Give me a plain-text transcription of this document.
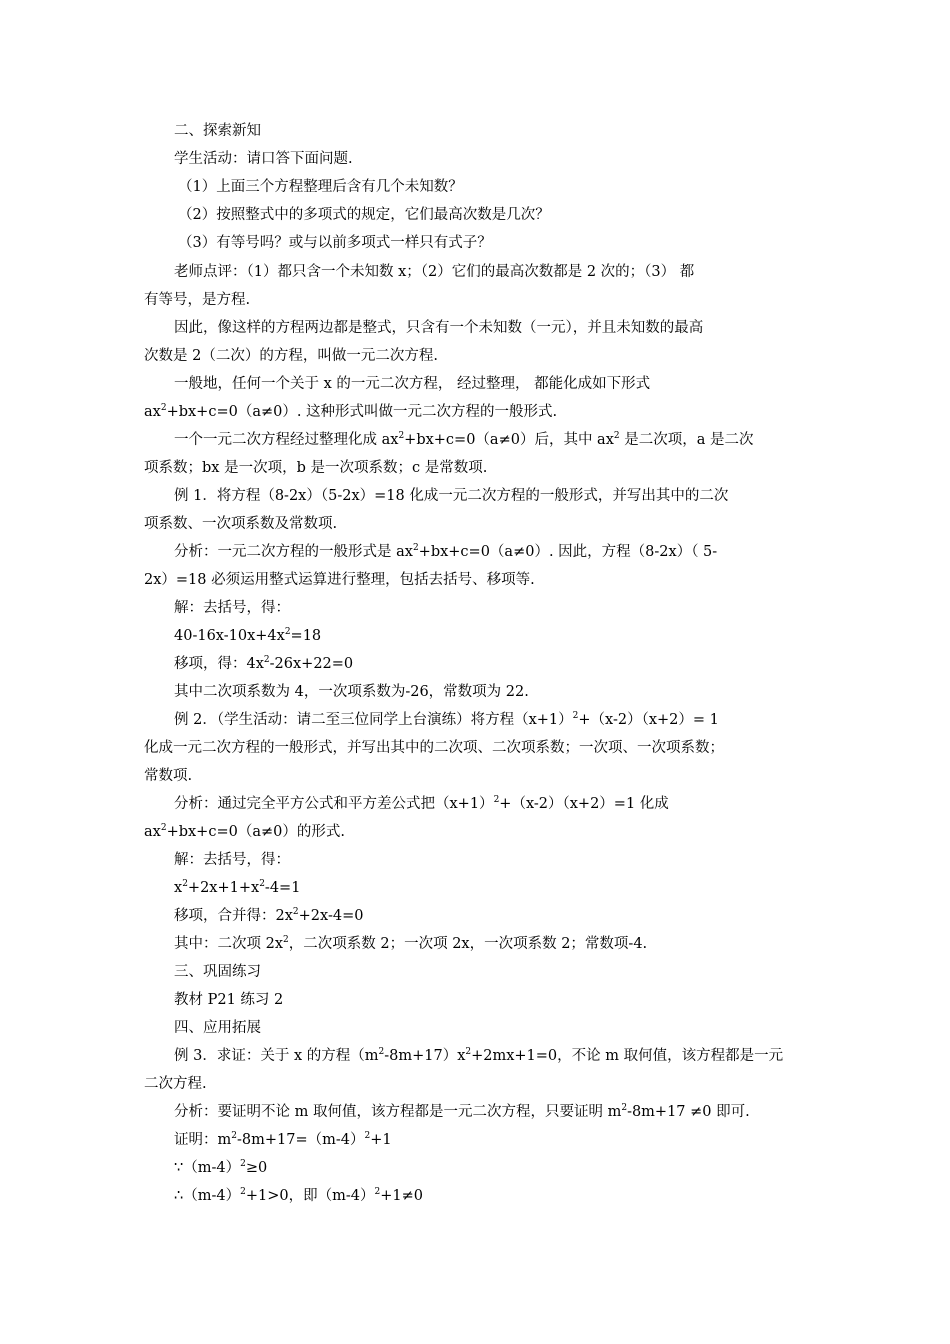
二、探索新知
学生活动：请口答下面问题.
（1）上面三个方程整理后含有几个未知数？
（2）按照整式中的多项式的规定，它们最高次数是几次？
（3）有等号吗？或与以前多项式一样只有式子？
老师点评：（1）都只含一个未知数 x；（2）它们的最高次数都是 2 次的；（3） 都
有等号，是方程.
因此，像这样的方程两边都是整式，只含有一个未知数（一元），并且未知数的最高
次数是 2（二次）的方程，叫做一元二次方程.
一般地，任何一个关于 x 的一元二次方程， 经过整理， 都能化成如下形式
$ax^2+bx+c=0(a\ne 0)$. 这种形式叫做一元二次方程的一般形式.
一个一元二次方程经过整理化成 $ax^2+bx+c=0(a\ne 0)$后，其中 $ax^2$ 是二次项，a 是二次
项系数；bx 是一次项，b 是一次项系数；c 是常数项.
例 1．将方程（8-2x）（5-2x）=18 化成一元二次方程的一般形式，并写出其中的二次
项系数、一次项系数及常数项.
分析：一元二次方程的一般形式是 $ax^2+bx+c=0(a\ne 0)$. 因此，方程（8-2x）（ 5-
2x）=18 必须运用整式运算进行整理，包括去括号、移项等.
解：去括号，得：
$40-16x-10x+4x^2=18$
移项，得：$4x^2-26x+22=0$
其中二次项系数为 4，一次项系数为-26，常数项为 22.
例 2．（学生活动：请二至三位同学上台演练）将方程$(x+1)^2+(x-2)(x+2)= 1$
化成一元二次方程的一般形式，并写出其中的二次项、二次项系数；一次项、一次项系数；
常数项.
分析：通过完全平方公式和平方差公式把$(x+1)^2+(x-2)(x+2)=1$ 化成
$ax^2+bx+c=0(a\ne 0)$的形式.
解：去括号，得：
$x^2+2x+1+x^2-4=1$
移项，合并得：$2x^2+2x-4=0$
其中：二次项 $2x^2$，二次项系数 2；一次项 2x，一次项系数 2；常数项-4.
三、巩固练习
教材 P21 练习 2
四、应用拓展
例 3．求证：关于 x 的方程$(m^2-8m+17)x^2+2mx+1=0$，不论 m 取何值，该方程都是一元
二次方程.
分析：要证明不论 m 取何值，该方程都是一元二次方程，只要证明 $m^2-8m+17 \ne 0$ 即可.
证明：$m^2-8m+17=(m-4)^2+1$
$\because(m-4)^2\ge 0$
$\therefore(m-4)^2+1>0$，即$(m-4)^2+1\ne 0$
